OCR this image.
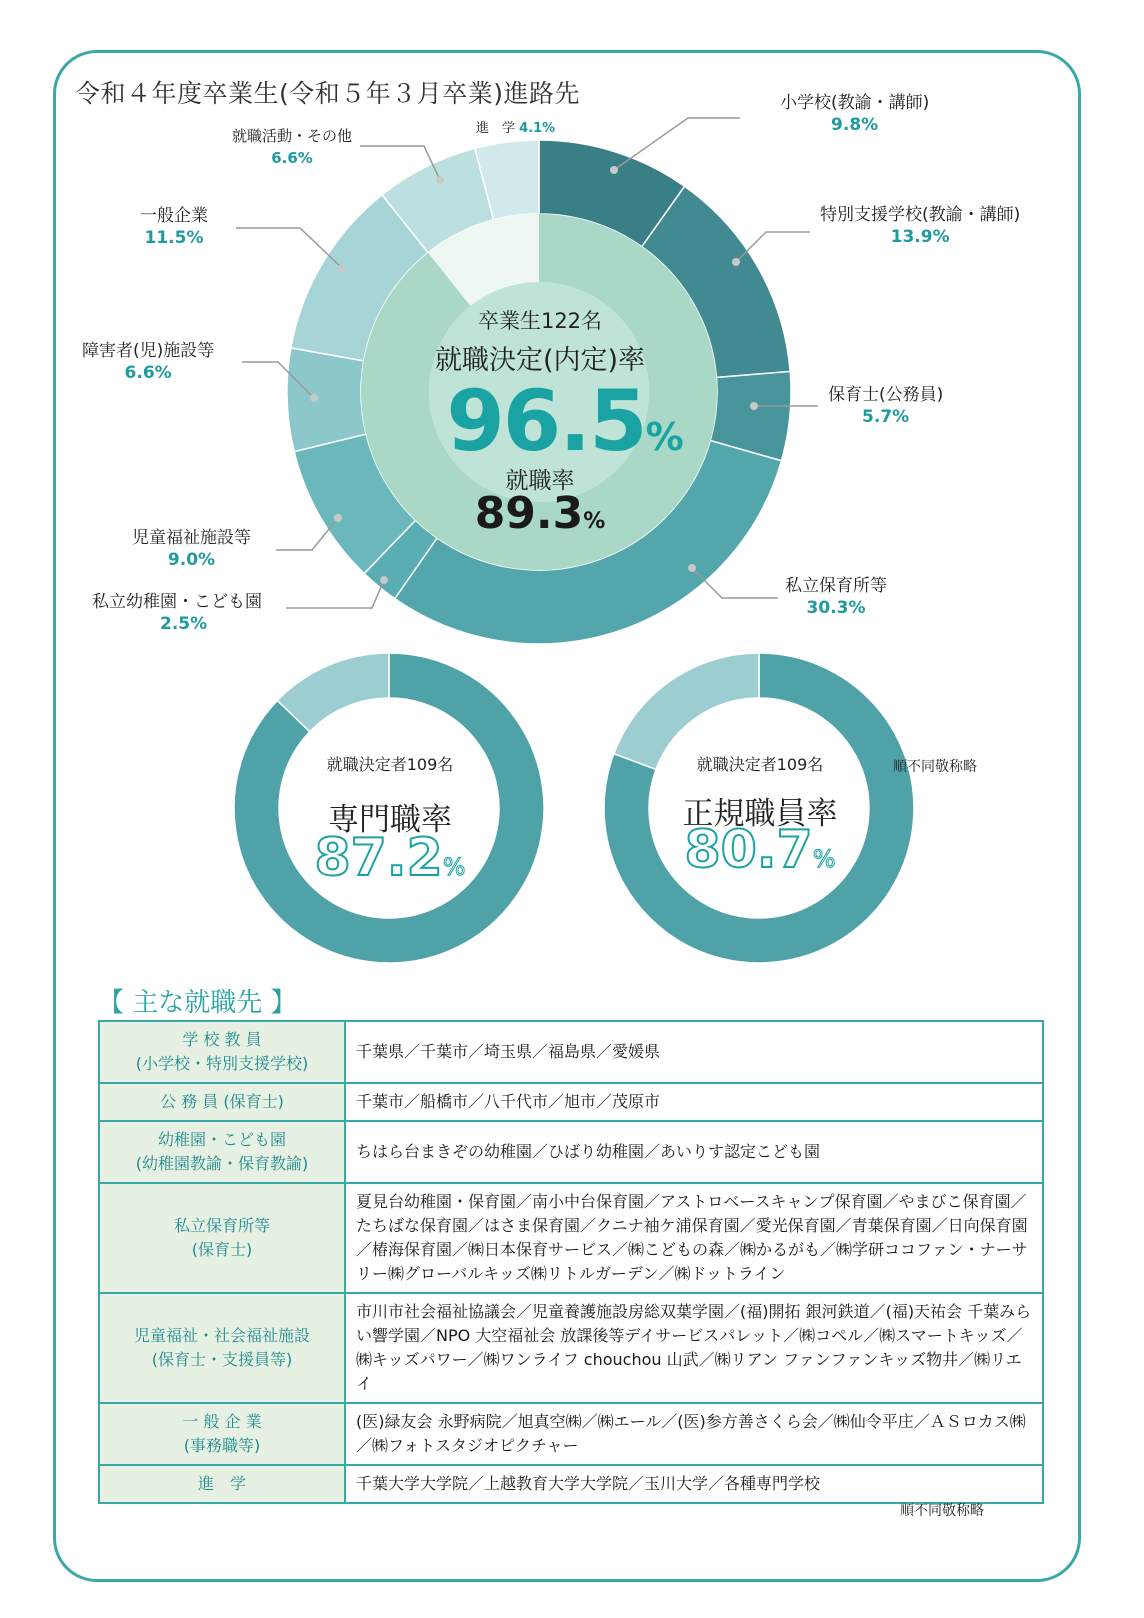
令和４年度卒業生(令和５年３月卒業)進路先	小学校(教諭・講師)
9.8%
特別支援学校(教諭・講師)
13.9%
保育士(公務員)
5.7%
私立保育所等
30.3%
私立幼稚園・こども園
2.5%
児童福祉施設等
9.0%
障害者(児)施設等
6.6%
一般企業
11.5%
就職活動・その他
6.6%
進　学 4.1%
卒業生122名
就職決定(内定)率
96.5%
就職率
89.3%
就職決定者109名
専門職率
87.2%
就職決定者109名
正規職員率
80.7%
順不同敬称略
【 主な就職先 】
学 校 教 員
(小学校・特別支援学校)	千葉県／千葉市／埼玉県／福島県／愛媛県

公 務 員 (保育士)	千葉市／船橋市／八千代市／旭市／茂原市

幼稚園・こども園
(幼稚園教諭・保育教諭)	ちはら台まきぞの幼稚園／ひばり幼稚園／あいりす認定こども園

私立保育所等
(保育士)	夏見台幼稚園・保育園／南小中台保育園／アストロベースキャンプ保育園／やまびこ保育園／たちばな保育園／はさま保育園／クニナ袖ケ浦保育園／愛光保育園／青葉保育園／日向保育園／椿海保育園／㈱日本保育サービス／㈱こどもの森／㈱かるがも／㈱学研ココファン・ナーサリー㈱グローバルキッズ㈱リトルガーデン／㈱ドットライン

児童福祉・社会福祉施設
(保育士・支援員等)	市川市社会福祉協議会／児童養護施設房総双葉学園／(福)開拓 銀河鉄道／(福)天祐会 千葉みらい響学園／NPO 大空福祉会 放課後等デイサービスパレット／㈱コペル／㈱スマートキッズ／㈱キッズパワー／㈱ワンライフ chouchou 山武／㈱リアン ファンファンキッズ物井／㈱リエイ

一 般 企 業
(事務職等)	(医)緑友会 永野病院／旭真空㈱／㈱エール／(医)参方善さくら会／㈱仙令平庄／ＡＳロカス㈱／㈱フォトスタジオピクチャー

進　学	千葉大学大学院／上越教育大学大学院／玉川大学／各種専門学校
順不同敬称略
